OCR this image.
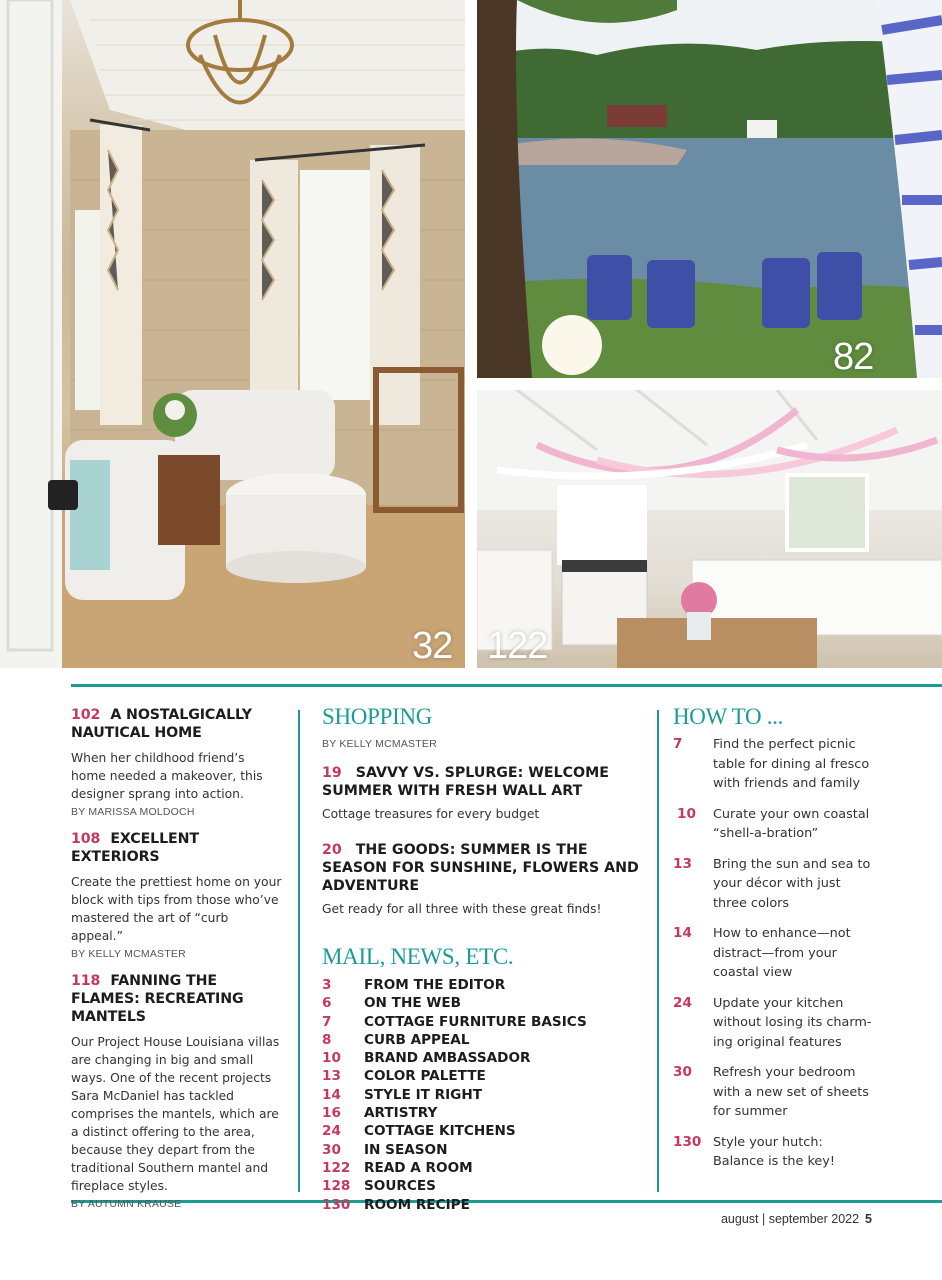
32
82
122
102 A NOSTALGICALLY NAUTICAL HOME

When her childhood friend’s home needed a makeover, this designer sprang into action.

BY MARISSA MOLDOCH
108 EXCELLENT EXTERIORS

Create the prettiest home on your block with tips from those who’ve mastered the art of “curb appeal.”

BY KELLY MCMASTER
118 FANNING THE FLAMES: RECREATING MANTELS

Our Project House Louisiana villas are changing in big and small ways. One of the recent projects Sara McDaniel has tackled comprises the mantels, which are a distinct offering to the area, because they depart from the traditional Southern mantel and fireplace styles.

BY AUTUMN KRAUSE
SHOPPING
BY KELLY MCMASTER
19 SAVVY VS. SPLURGE: WELCOME SUMMER WITH FRESH WALL ART

Cottage treasures for every budget

20 THE GOODS: SUMMER IS THE SEASON FOR SUNSHINE, FLOWERS AND ADVENTURE

Get ready for all three with these great finds!

MAIL, NEWS, ETC.
3	FROM THE EDITOR
6	ON THE WEB
7	COTTAGE FURNITURE BASICS
8	CURB APPEAL
10	BRAND AMBASSADOR
13	COLOR PALETTE
14	STYLE IT RIGHT
16	ARTISTRY
24	COTTAGE KITCHENS
30	IN SEASON
122	READ A ROOM
128	SOURCES
130	ROOM RECIPE
HOW TO ...
7	Find the perfect picnic table for dining al fresco with friends and family
10	Curate your own coastal “shell-a-bration”
13	Bring the sun and sea to your décor with just three colors
14	How to enhance—not distract—from your coastal view
24	Update your kitchen without losing its charm-ing original features
30	Refresh your bedroom with a new set of sheets for summer
130 Style your hutch: Balance is the key!
august | september 2022 5
